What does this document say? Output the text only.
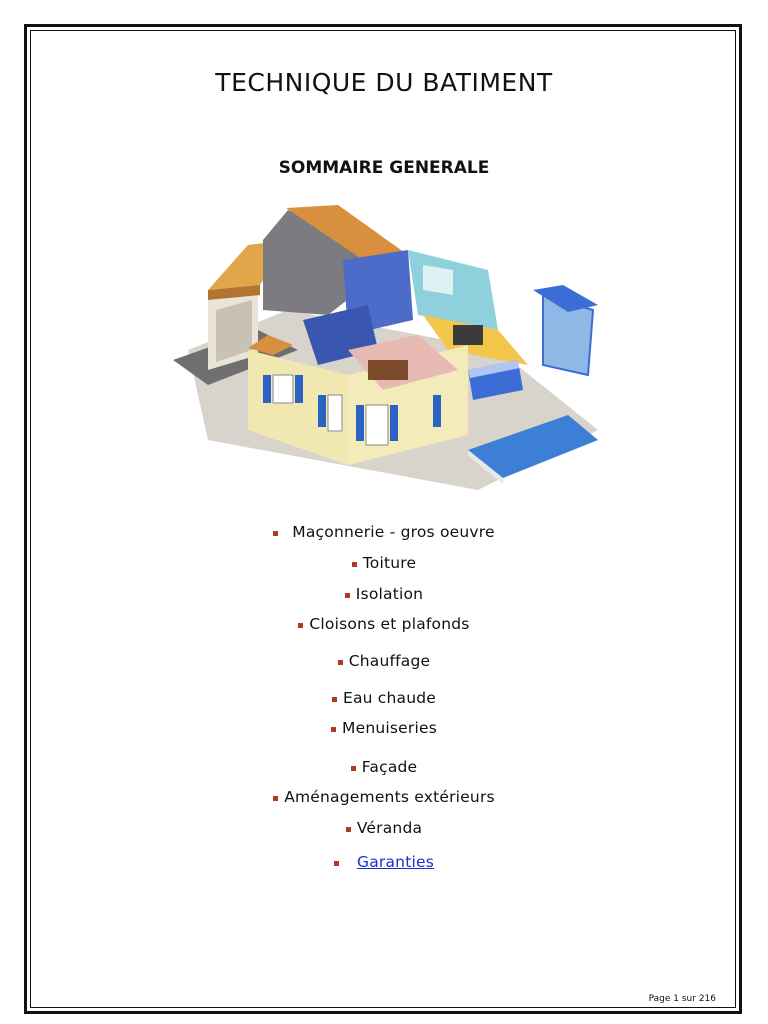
TECHNIQUE DU BATIMENT
SOMMAIRE GENERALE
Maçonnerie - gros oeuvre
Toiture
Isolation
Cloisons et plafonds
Chauffage
Eau chaude
Menuiseries
Façade
Aménagements extérieurs
Véranda
Garanties
Page 1 sur 216
